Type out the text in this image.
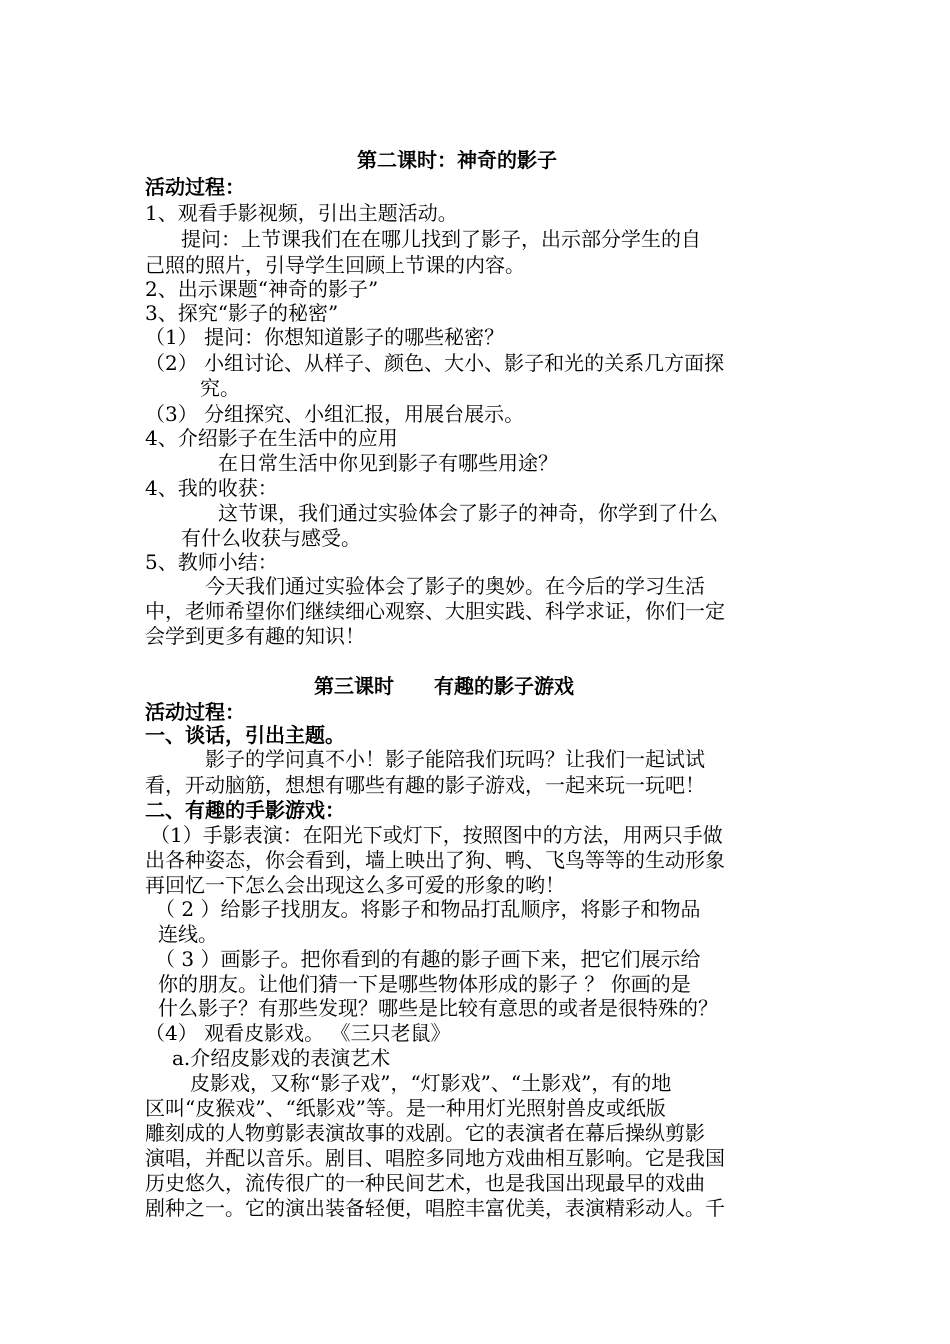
第二课时：神奇的影子

活动过程：

1、观看手影视频，引出主题活动。

提问：上节课我们在在哪儿找到了影子，出示部分学生的自

己照的照片，引导学生回顾上节课的内容。

2、出示课题“神奇的影子”

3、探究“影子的秘密”

（1） 提问：你想知道影子的哪些秘密？

（2） 小组讨论、从样子、颜色、大小、影子和光的关系几方面探

究。

（3） 分组探究、小组汇报，用展台展示。

4、介绍影子在生活中的应用

在日常生活中你见到影子有哪些用途？

4、我的收获：

这节课，我们通过实验体会了影子的神奇，你学到了什么

有什么收获与感受。

5、教师小结：

今天我们通过实验体会了影子的奥妙。在今后的学习生活

中，老师希望你们继续细心观察、大胆实践、科学求证，你们一定

会学到更多有趣的知识！

第三课时　　有趣的影子游戏

活动过程：

一、谈话，引出主题。

影子的学问真不小！影子能陪我们玩吗？让我们一起试试

看，开动脑筋，想想有哪些有趣的影子游戏，一起来玩一玩吧！

二、有趣的手影游戏：

（1）手影表演：在阳光下或灯下，按照图中的方法，用两只手做

出各种姿态，你会看到，墙上映出了狗、鸭、飞鸟等等的生动形象

再回忆一下怎么会出现这么多可爱的形象的哟！

（ 2 ）给影子找朋友。将影子和物品打乱顺序，将影子和物品

连线。

（ 3 ）画影子。把你看到的有趣的影子画下来，把它们展示给

你的朋友。让他们猜一下是哪些物体形成的影子 ？ 你画的是

什么影子？有那些发现？哪些是比较有意思的或者是很特殊的？

（4） 观看皮影戏。 《三只老鼠》

a.介绍皮影戏的表演艺术

皮影戏，又称“影子戏”，“灯影戏”、“土影戏”，有的地

区叫“皮猴戏”、“纸影戏”等。是一种用灯光照射兽皮或纸版

雕刻成的人物剪影表演故事的戏剧。它的表演者在幕后操纵剪影

演唱，并配以音乐。剧目、唱腔多同地方戏曲相互影响。它是我国

历史悠久，流传很广的一种民间艺术，也是我国出现最早的戏曲

剧种之一。它的演出装备轻便，唱腔丰富优美，表演精彩动人。千
